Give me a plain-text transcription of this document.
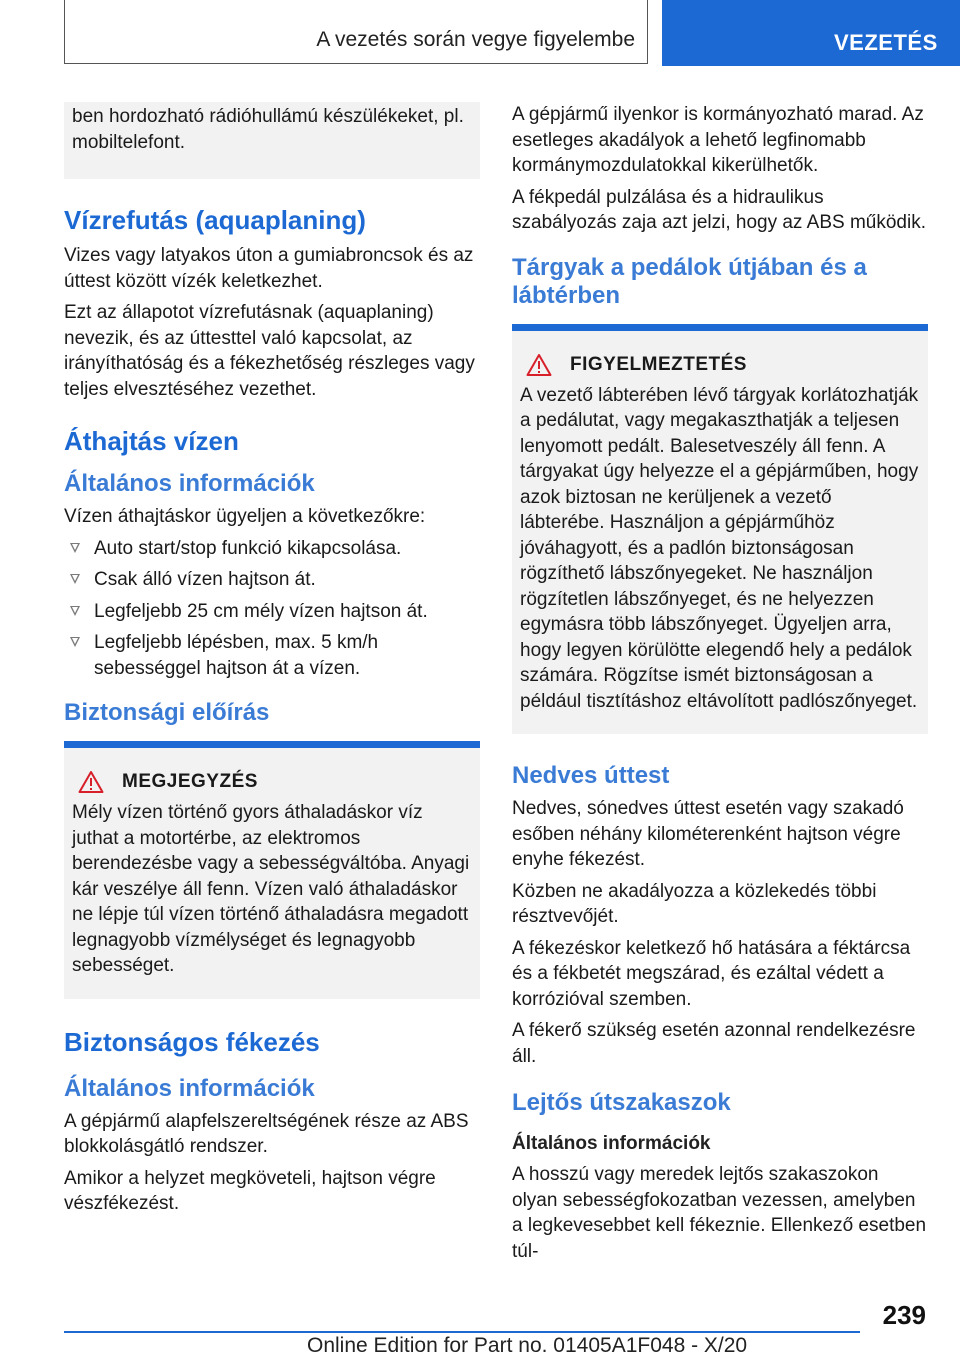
A vezetés során vegye figyelembe	VEZETÉS

ben hordozható rádióhullámú készülékeket, pl. mobiltelefont.

Vízrefutás (aquaplaning)

Vizes vagy latyakos úton a gumiabroncsok és az úttest között vízék keletkezhet.

Ezt az állapotot vízrefutásnak (aquaplaning) nevezik, és az úttesttel való kapcsolat, az irányíthatóság és a fékezhetőség részleges vagy teljes elvesztéséhez vezethet.

Áthajtás vízen
Általános információk

Vízen áthajtáskor ügyeljen a következőkre:

Auto start/stop funkció kikapcsolása.
Csak álló vízen hajtson át.
Legfeljebb 25 cm mély vízen hajtson át.
Legfeljebb lépésben, max. 5 km/h sebességgel hajtson át a vízen.
Biztonsági előírás
MEGJEGYZÉS

Mély vízen történő gyors áthaladáskor víz juthat a motortérbe, az elektromos berendezésbe vagy a sebességváltóba. Anyagi kár veszélye áll fenn. Vízen való áthaladáskor ne lépje túl vízen történő áthaladásra megadott legnagyobb vízmélységet és legnagyobb sebességet.

Biztonságos fékezés
Általános információk

A gépjármű alapfelszereltségének része az ABS blokkolásgátló rendszer.

Amikor a helyzet megköveteli, hajtson végre vészfékezést.

A gépjármű ilyenkor is kormányozható marad. Az esetleges akadályok a lehető legfinomabb kormánymozdulatokkal kikerülhetők.

A fékpedál pulzálása és a hidraulikus szabályozás zaja azt jelzi, hogy az ABS működik.

Tárgyak a pedálok útjában és a lábtérben
FIGYELMEZTETÉS

A vezető lábterében lévő tárgyak korlátozhatják a pedálutat, vagy megakaszthatják a teljesen lenyomott pedált. Balesetveszély áll fenn. A tárgyakat úgy helyezze el a gépjárműben, hogy azok biztosan ne kerüljenek a vezető lábterébe. Használjon a gépjárműhöz jóváhagyott, és a padlón biztonságosan rögzíthető lábszőnyegeket. Ne használjon rögzítetlen lábszőnyeget, és ne helyezzen egymásra több lábszőnyeget. Ügyeljen arra, hogy legyen körülötte elegendő hely a pedálok számára. Rögzítse ismét biztonságosan a például tisztításhoz eltávolított padlószőnyeget.

Nedves úttest

Nedves, sónedves úttest esetén vagy szakadó esőben néhány kilométerenként hajtson végre enyhe fékezést.

Közben ne akadályozza a közlekedés többi résztvevőjét.

A fékezéskor keletkező hő hatására a féktárcsa és a fékbetét megszárad, és ezáltal védett a korrózióval szemben.

A fékerő szükség esetén azonnal rendelkezésre áll.

Lejtős útszakaszok
Általános információk

A hosszú vagy meredek lejtős szakaszokon olyan sebességfokozatban vezessen, amelyben a legkevesebbet kell fékeznie. Ellenkező esetben túl-

239
Online Edition for Part no. 01405A1F048 - X/20
